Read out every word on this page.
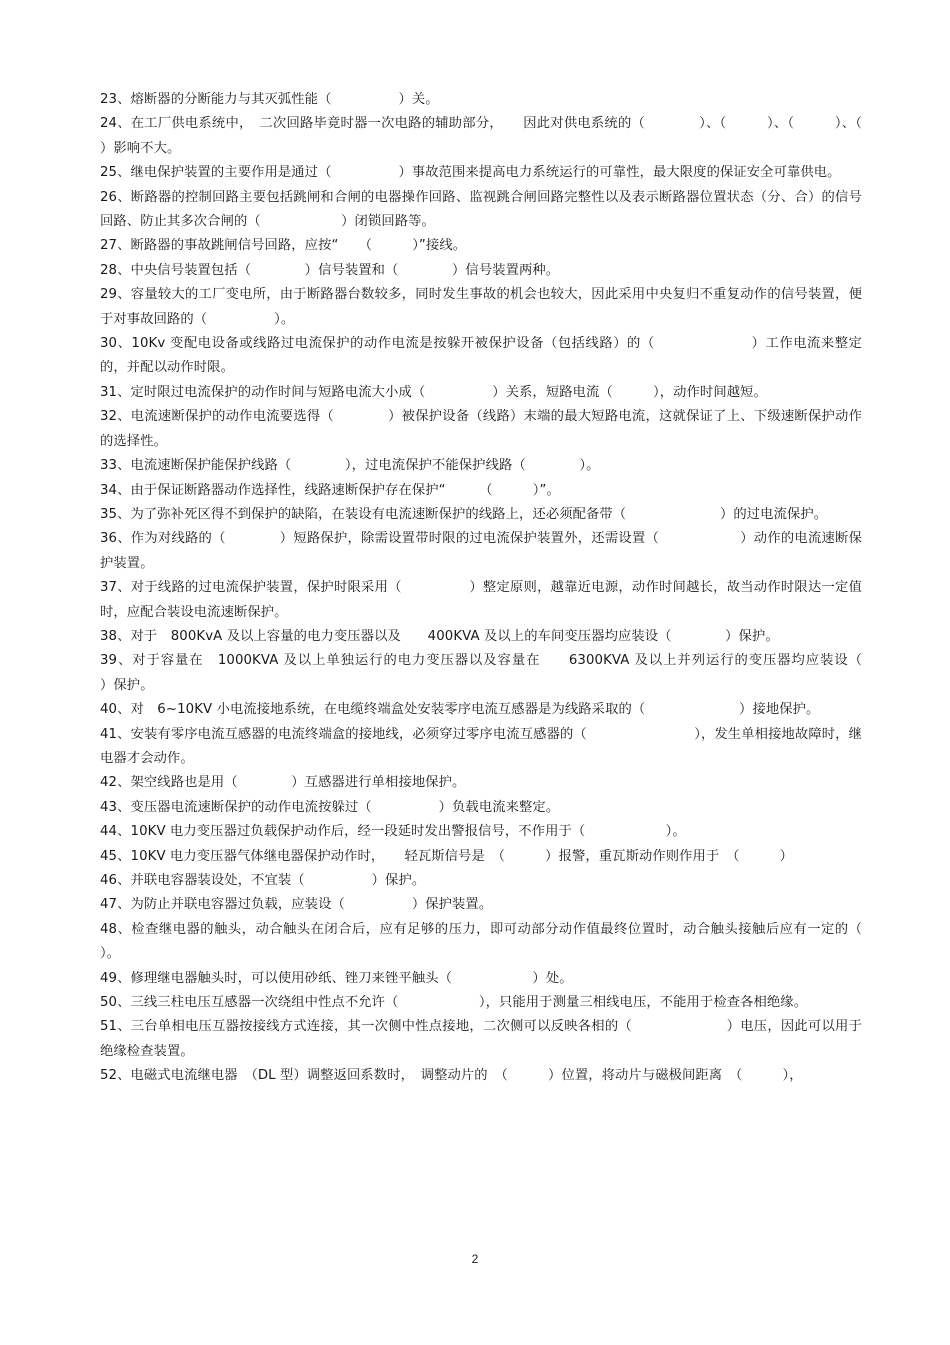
23、熔断器的分断能力与其灭弧性能（　　　　　）关。
24、在工厂供电系统中，　二次回路毕竟时器一次电路的辅助部分，　　因此对供电系统的（　　　　）、（　　　）、（　　　）、（　　　）影响不大。
25、继电保护装置的主要作用是通过（　　　　　）事故范围来提高电力系统运行的可靠性，最大限度的保证安全可靠供电。
26、断路器的控制回路主要包括跳闸和合闸的电器操作回路、监视跳合闸回路完整性以及表示断路器位置状态（分、合）的信号回路、防止其多次合闸的（　　　　　　）闭锁回路等。
27、断路器的事故跳闸信号回路，应按“　　（　　　）”接线。
28、中央信号装置包括（　　　　）信号装置和（　　　　）信号装置两种。
29、容量较大的工厂变电所，由于断路器台数较多，同时发生事故的机会也较大，因此采用中央复归不重复动作的信号装置，便于对事故回路的（　　　　　）。
30、10Kv 变配电设备或线路过电流保护的动作电流是按躲开被保护设备（包括线路）的（　　　　　　　）工作电流来整定的，并配以动作时限。
31、定时限过电流保护的动作时间与短路电流大小成（　　　　　）关系，短路电流（　　　），动作时间越短。
32、电流速断保护的动作电流要选得（　　　　）被保护设备（线路）末端的最大短路电流，这就保证了上、下级速断保护动作的选择性。
33、电流速断保护能保护线路（　　　　），过电流保护不能保护线路（　　　　）。
34、由于保证断路器动作选择性，线路速断保护存在保护“　　　（　　　）”。
35、为了弥补死区得不到保护的缺陷，在装设有电流速断保护的线路上，还必须配备带（　　　　　　　）的过电流保护。
36、作为对线路的（　　　　）短路保护，除需设置带时限的过电流保护装置外，还需设置（　　　　　　）动作的电流速断保护装置。
37、对于线路的过电流保护装置，保护时限采用（　　　　　）整定原则，越靠近电源，动作时间越长，故当动作时限达一定值时，应配合装设电流速断保护。
38、对于　800KvA 及以上容量的电力变压器以及　　400KVA 及以上的车间变压器均应装设（　　　　）保护。
39、对于容量在　1000KVA 及以上单独运行的电力变压器以及容量在　　6300KVA 及以上并列运行的变压器均应装设（　　　）保护。
40、对　6~10KV 小电流接地系统，在电缆终端盒处安装零序电流互感器是为线路采取的（　　　　　　　）接地保护。
41、安装有零序电流互感器的电流终端盒的接地线，必须穿过零序电流互感器的（　　　　　　　　），发生单相接地故障时，继电器才会动作。
42、架空线路也是用（　　　　）互感器进行单相接地保护。
43、变压器电流速断保护的动作电流按躲过（　　　　　）负载电流来整定。
44、10KV 电力变压器过负载保护动作后，经一段延时发出警报信号，不作用于（　　　　　　）。
45、10KV 电力变压器气体继电器保护动作时，　　轻瓦斯信号是　（　　　）报警，重瓦斯动作则作用于　（　　　）
46、并联电容器装设处，不宜装（　　　　　）保护。
47、为防止并联电容器过负载，应装设（　　　　　）保护装置。
48、检查继电器的触头，动合触头在闭合后，应有足够的压力，即可动部分动作值最终位置时，动合触头接触后应有一定的（　　　　）。
49、修理继电器触头时，可以使用砂纸、锉刀来锉平触头（　　　　　　）处。
50、三线三柱电压互感器一次绕组中性点不允许（　　　　　　），只能用于测量三相线电压，不能用于检查各相绝缘。
51、三台单相电压互器按接线方式连接，其一次侧中性点接地，二次侧可以反映各相的（　　　　　　　）电压，因此可以用于绝缘检查装置。
52、电磁式电流继电器　（DL 型）调整返回系数时，　调整动片的　（　　　）位置，将动片与磁极间距离　（　　　），
2
